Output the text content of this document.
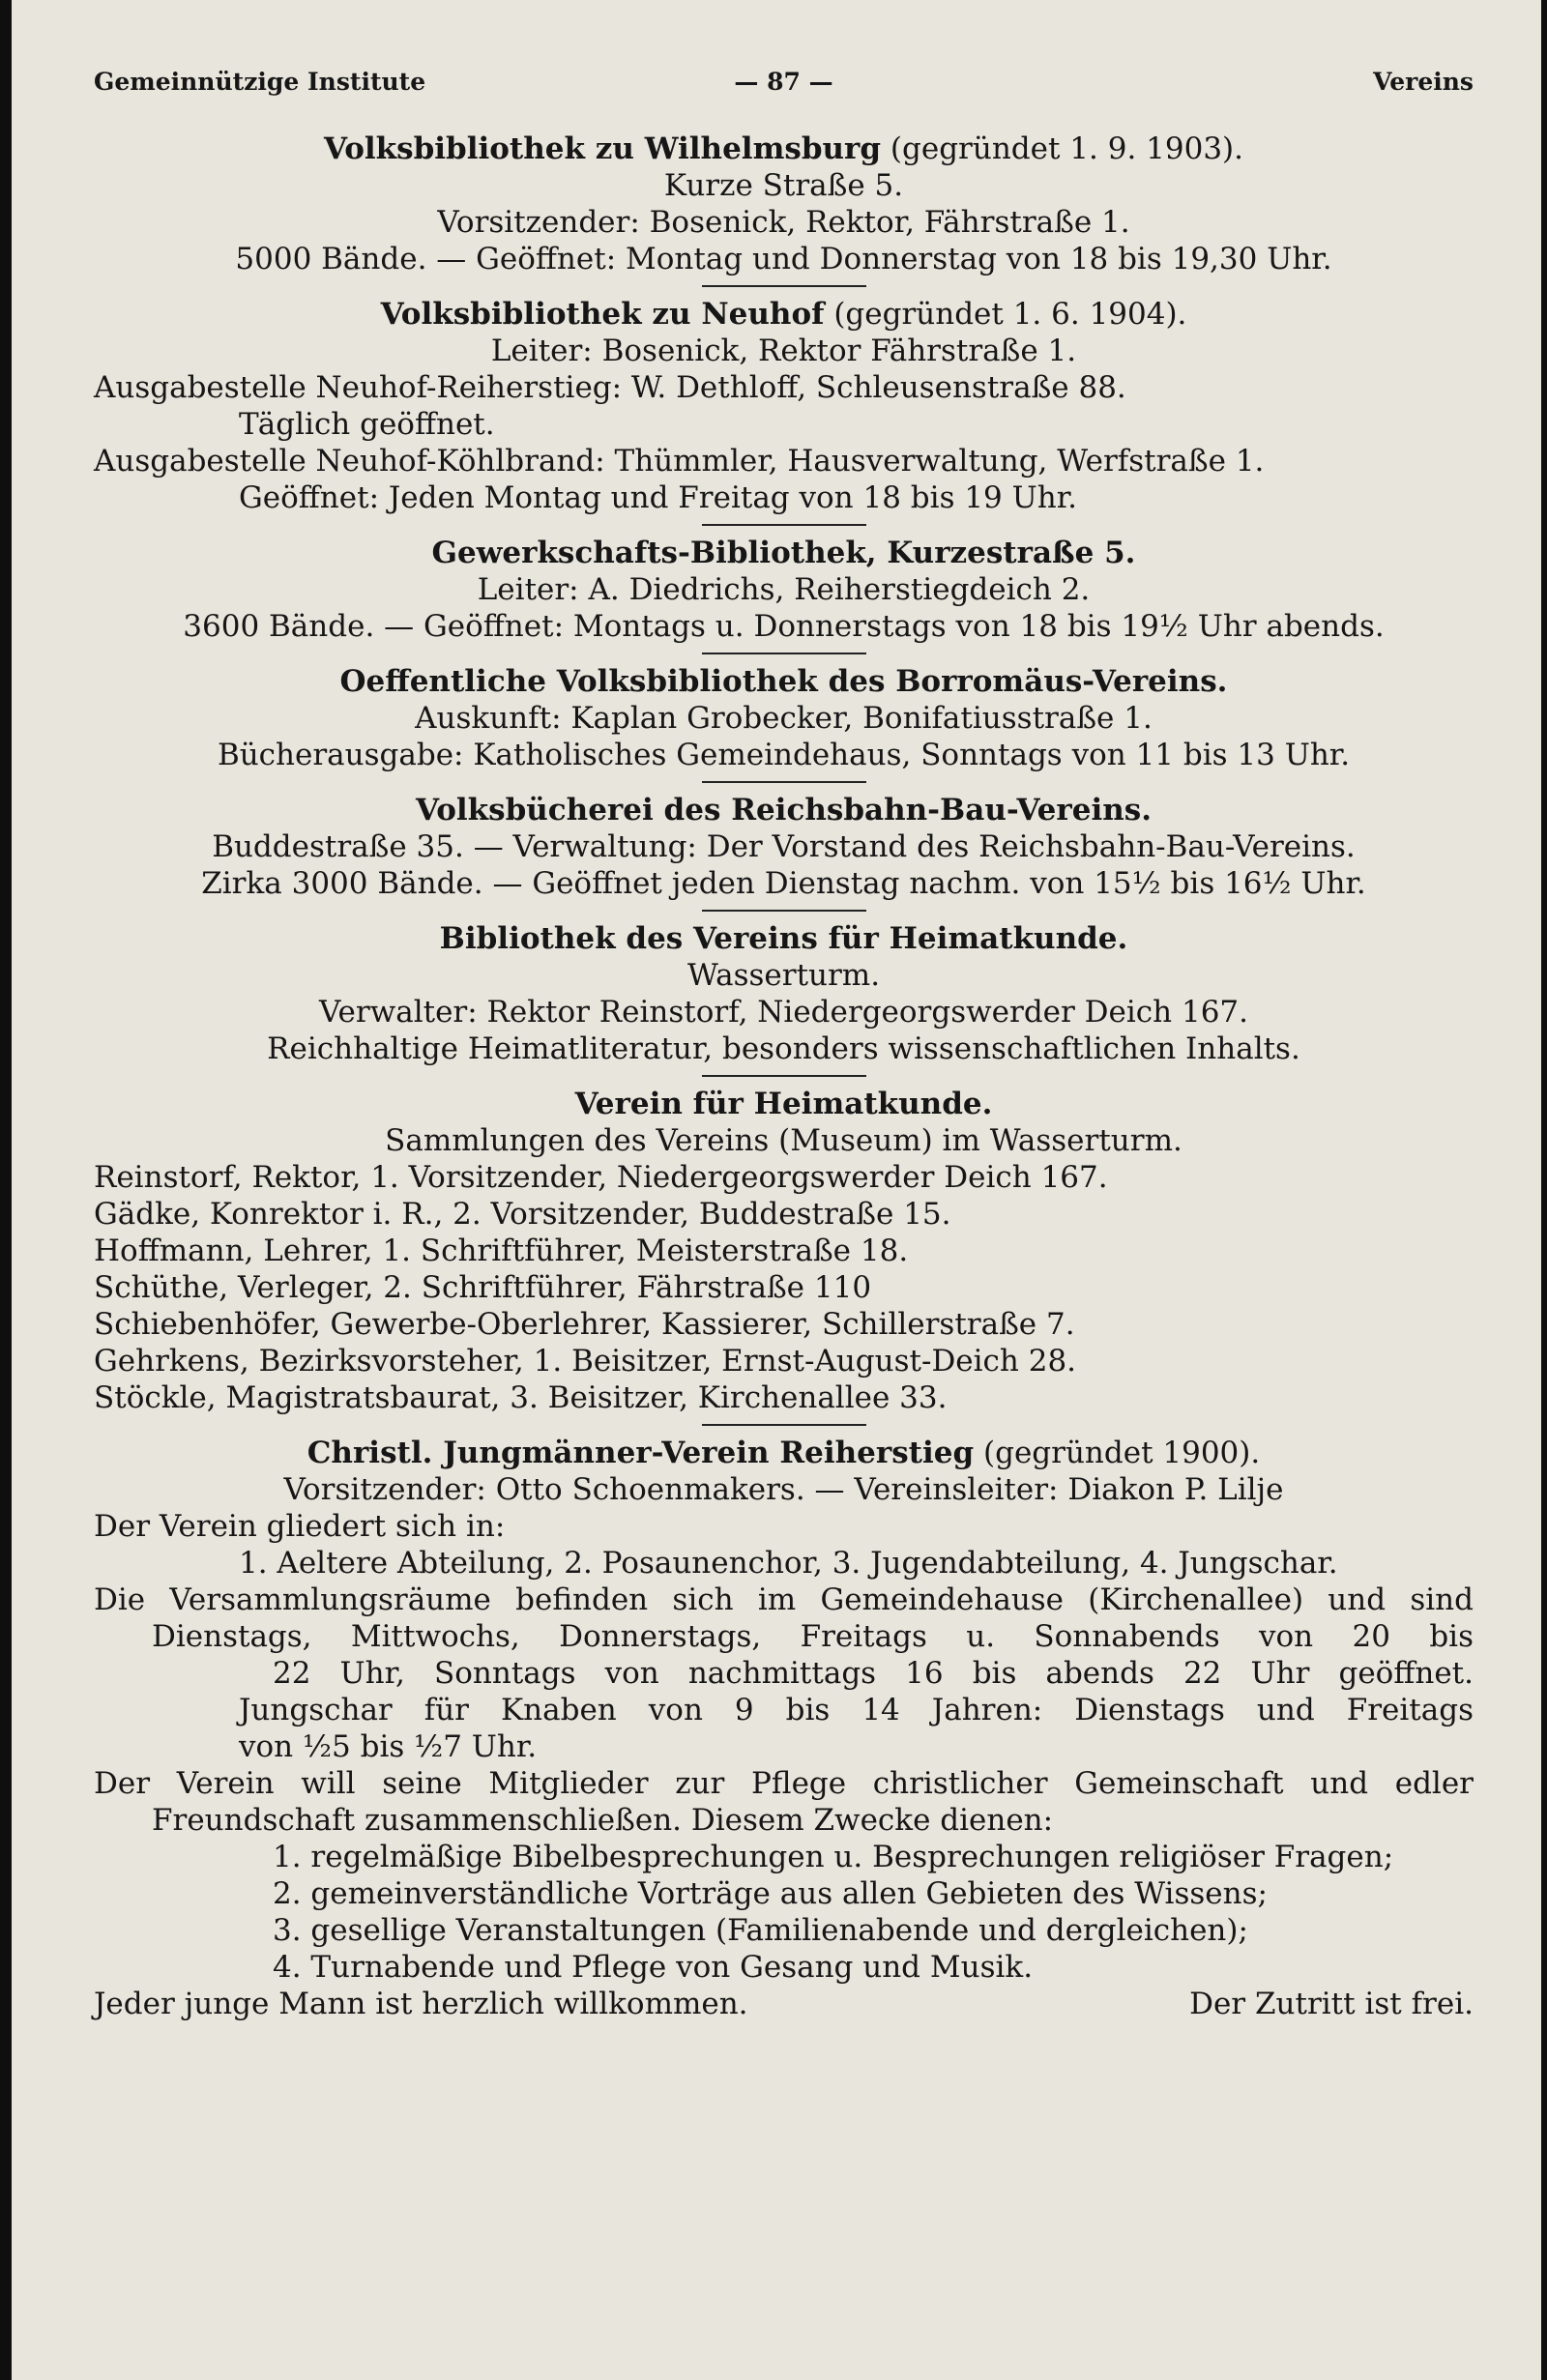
Gemeinnützige Institute	— 87 —	Vereins
Volksbibliothek zu Wilhelmsburg (gegründet 1. 9. 1903).
Kurze Straße 5.
Vorsitzender: Bosenick, Rektor, Fährstraße 1.
5000 Bände. — Geöffnet: Montag und Donnerstag von 18 bis 19,30 Uhr.
Volksbibliothek zu Neuhof (gegründet 1. 6. 1904).
Leiter: Bosenick, Rektor Fährstraße 1.
Ausgabestelle Neuhof-Reiherstieg: W. Dethloff, Schleusenstraße 88.
Täglich geöffnet.
Ausgabestelle Neuhof-Köhlbrand: Thümmler, Hausverwaltung, Werfstraße 1.
Geöffnet: Jeden Montag und Freitag von 18 bis 19 Uhr.
Gewerkschafts-Bibliothek, Kurzestraße 5.
Leiter: A. Diedrichs, Reiherstiegdeich 2.
3600 Bände. — Geöffnet: Montags u. Donnerstags von 18 bis 19½ Uhr abends.
Oeffentliche Volksbibliothek des Borromäus-Vereins.
Auskunft: Kaplan Grobecker, Bonifatiusstraße 1.
Bücherausgabe: Katholisches Gemeindehaus, Sonntags von 11 bis 13 Uhr.
Volksbücherei des Reichsbahn-Bau-Vereins.
Buddestraße 35. — Verwaltung: Der Vorstand des Reichsbahn-Bau-Vereins.
Zirka 3000 Bände. — Geöffnet jeden Dienstag nachm. von 15½ bis 16½ Uhr.
Bibliothek des Vereins für Heimatkunde.
Wasserturm.
Verwalter: Rektor Reinstorf, Niedergeorgswerder Deich 167.
Reichhaltige Heimatliteratur, besonders wissenschaftlichen Inhalts.
Verein für Heimatkunde.
Sammlungen des Vereins (Museum) im Wasserturm.
Reinstorf, Rektor, 1. Vorsitzender, Niedergeorgswerder Deich 167.
Gädke, Konrektor i. R., 2. Vorsitzender, Buddestraße 15.
Hoffmann, Lehrer, 1. Schriftführer, Meisterstraße 18.
Schüthe, Verleger, 2. Schriftführer, Fährstraße 110
Schiebenhöfer, Gewerbe-Oberlehrer, Kassierer, Schillerstraße 7.
Gehrkens, Bezirksvorsteher, 1. Beisitzer, Ernst-August-Deich 28.
Stöckle, Magistratsbaurat, 3. Beisitzer, Kirchenallee 33.
Christl. Jungmänner-Verein Reiherstieg (gegründet 1900).
Vorsitzender: Otto Schoenmakers. — Vereinsleiter: Diakon P. Lilje
Der Verein gliedert sich in:
1. Aeltere Abteilung, 2. Posaunenchor, 3. Jugendabteilung, 4. Jungschar.
Die Versammlungsräume befinden sich im Gemeindehause (Kirchenallee) und sind
Dienstags, Mittwochs, Donnerstags, Freitags u. Sonnabends von 20 bis
22 Uhr, Sonntags von nachmittags 16 bis abends 22 Uhr geöffnet.
Jungschar für Knaben von 9 bis 14 Jahren: Dienstags und Freitags
von ½5 bis ½7 Uhr.
Der Verein will seine Mitglieder zur Pflege christlicher Gemeinschaft und edler
Freundschaft zusammenschließen. Diesem Zwecke dienen:
1. regelmäßige Bibelbesprechungen u. Besprechungen religiöser Fragen;
2. gemeinverständliche Vorträge aus allen Gebieten des Wissens;
3. gesellige Veranstaltungen (Familienabende und dergleichen);
4. Turnabende und Pflege von Gesang und Musik.
Jeder junge Mann ist herzlich willkommen.	Der Zutritt ist frei.
